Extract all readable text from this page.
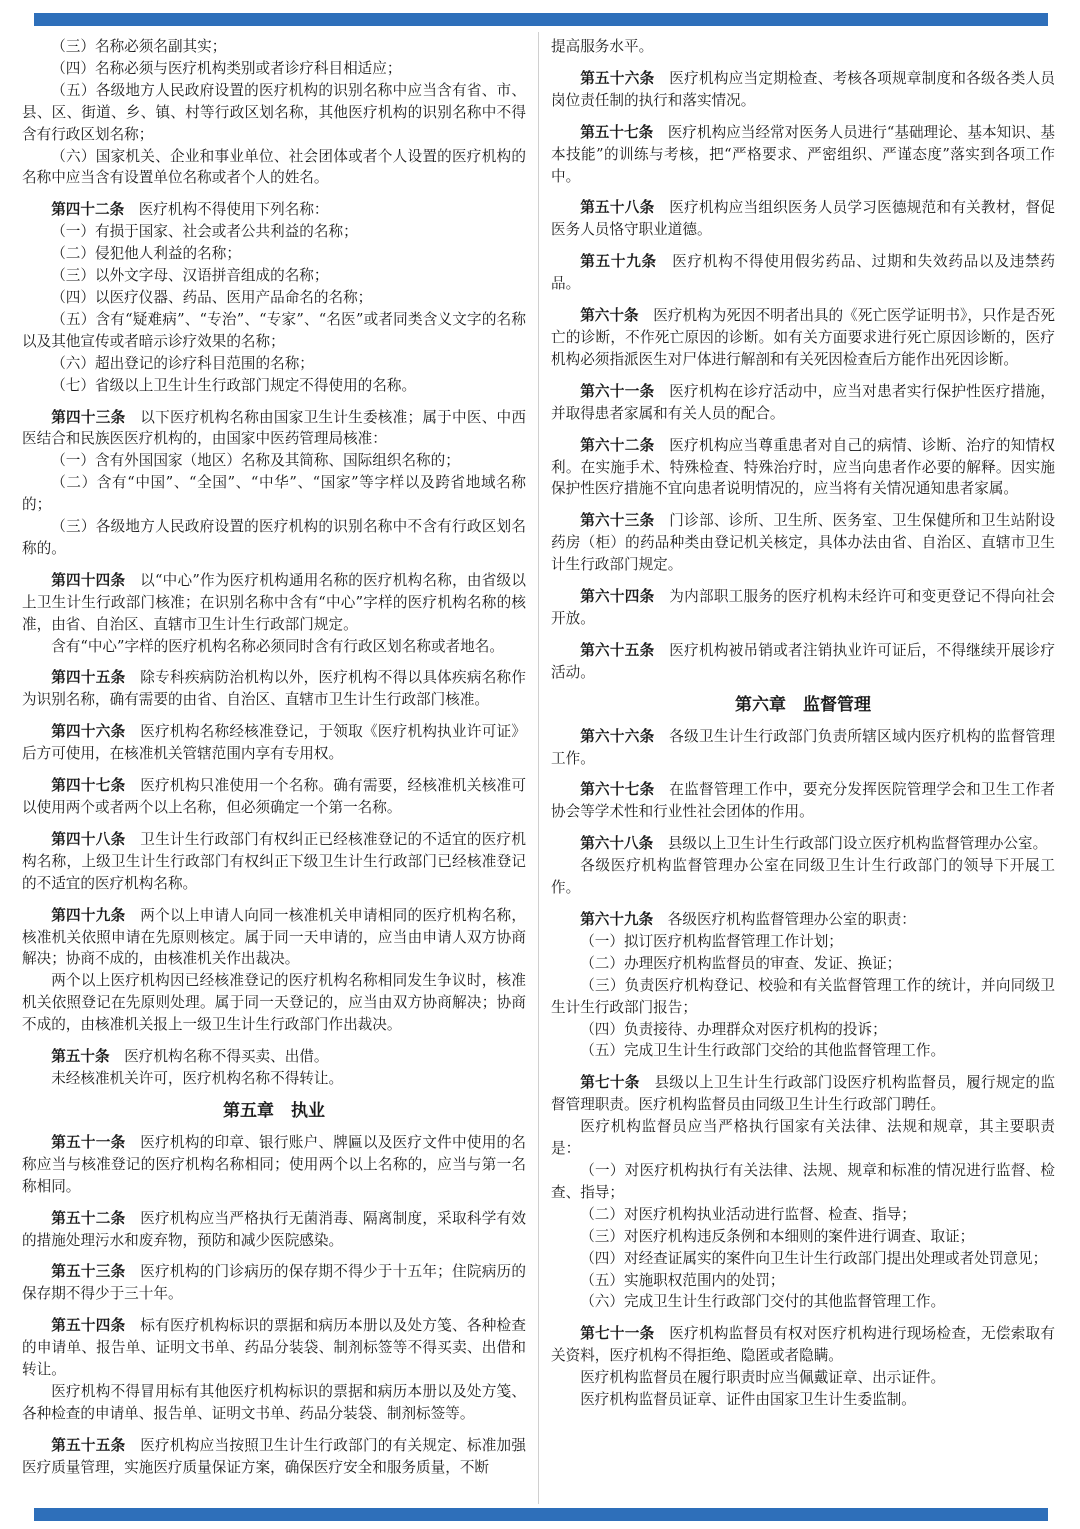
（三）名称必须名副其实；

（四）名称必须与医疗机构类别或者诊疗科目相适应；

（五）各级地方人民政府设置的医疗机构的识别名称中应当含有省、市、县、区、街道、乡、镇、村等行政区划名称，其他医疗机构的识别名称中不得含有行政区划名称；

（六）国家机关、企业和事业单位、社会团体或者个人设置的医疗机构的名称中应当含有设置单位名称或者个人的姓名。

第四十二条 医疗机构不得使用下列名称：

（一）有损于国家、社会或者公共利益的名称；

（二）侵犯他人利益的名称；

（三）以外文字母、汉语拼音组成的名称；

（四）以医疗仪器、药品、医用产品命名的名称；

（五）含有“疑难病”、“专治”、“专家”、“名医”或者同类含义文字的名称以及其他宣传或者暗示诊疗效果的名称；

（六）超出登记的诊疗科目范围的名称；

（七）省级以上卫生计生行政部门规定不得使用的名称。

第四十三条 以下医疗机构名称由国家卫生计生委核准；属于中医、中西医结合和民族医医疗机构的，由国家中医药管理局核准：

（一）含有外国国家（地区）名称及其简称、国际组织名称的；

（二）含有“中国”、“全国”、“中华”、“国家”等字样以及跨省地域名称的；

（三）各级地方人民政府设置的医疗机构的识别名称中不含有行政区划名称的。

第四十四条 以“中心”作为医疗机构通用名称的医疗机构名称，由省级以上卫生计生行政部门核准；在识别名称中含有“中心”字样的医疗机构名称的核准，由省、自治区、直辖市卫生计生行政部门规定。

含有“中心”字样的医疗机构名称必须同时含有行政区划名称或者地名。

第四十五条 除专科疾病防治机构以外，医疗机构不得以具体疾病名称作为识别名称，确有需要的由省、自治区、直辖市卫生计生行政部门核准。

第四十六条 医疗机构名称经核准登记，于领取《医疗机构执业许可证》后方可使用，在核准机关管辖范围内享有专用权。

第四十七条 医疗机构只准使用一个名称。确有需要，经核准机关核准可以使用两个或者两个以上名称，但必须确定一个第一名称。

第四十八条 卫生计生行政部门有权纠正已经核准登记的不适宜的医疗机构名称，上级卫生计生行政部门有权纠正下级卫生计生行政部门已经核准登记的不适宜的医疗机构名称。

第四十九条 两个以上申请人向同一核准机关申请相同的医疗机构名称，核准机关依照申请在先原则核定。属于同一天申请的，应当由申请人双方协商解决；协商不成的，由核准机关作出裁决。

两个以上医疗机构因已经核准登记的医疗机构名称相同发生争议时，核准机关依照登记在先原则处理。属于同一天登记的，应当由双方协商解决；协商不成的，由核准机关报上一级卫生计生行政部门作出裁决。

第五十条 医疗机构名称不得买卖、出借。

未经核准机关许可，医疗机构名称不得转让。

第五章　执业

第五十一条 医疗机构的印章、银行账户、牌匾以及医疗文件中使用的名称应当与核准登记的医疗机构名称相同；使用两个以上名称的，应当与第一名称相同。

第五十二条 医疗机构应当严格执行无菌消毒、隔离制度，采取科学有效的措施处理污水和废弃物，预防和减少医院感染。

第五十三条 医疗机构的门诊病历的保存期不得少于十五年；住院病历的保存期不得少于三十年。

第五十四条 标有医疗机构标识的票据和病历本册以及处方笺、各种检查的申请单、报告单、证明文书单、药品分装袋、制剂标签等不得买卖、出借和转让。

医疗机构不得冒用标有其他医疗机构标识的票据和病历本册以及处方笺、各种检查的申请单、报告单、证明文书单、药品分装袋、制剂标签等。

第五十五条 医疗机构应当按照卫生计生行政部门的有关规定、标准加强医疗质量管理，实施医疗质量保证方案，确保医疗安全和服务质量，不断

提高服务水平。

第五十六条 医疗机构应当定期检查、考核各项规章制度和各级各类人员岗位责任制的执行和落实情况。

第五十七条 医疗机构应当经常对医务人员进行“基础理论、基本知识、基本技能”的训练与考核，把“严格要求、严密组织、严谨态度”落实到各项工作中。

第五十八条 医疗机构应当组织医务人员学习医德规范和有关教材，督促医务人员恪守职业道德。

第五十九条 医疗机构不得使用假劣药品、过期和失效药品以及违禁药品。

第六十条 医疗机构为死因不明者出具的《死亡医学证明书》，只作是否死亡的诊断，不作死亡原因的诊断。如有关方面要求进行死亡原因诊断的，医疗机构必须指派医生对尸体进行解剖和有关死因检查后方能作出死因诊断。

第六十一条 医疗机构在诊疗活动中，应当对患者实行保护性医疗措施，并取得患者家属和有关人员的配合。

第六十二条 医疗机构应当尊重患者对自己的病情、诊断、治疗的知情权利。在实施手术、特殊检查、特殊治疗时，应当向患者作必要的解释。因实施保护性医疗措施不宜向患者说明情况的，应当将有关情况通知患者家属。

第六十三条 门诊部、诊所、卫生所、医务室、卫生保健所和卫生站附设药房（柜）的药品种类由登记机关核定，具体办法由省、自治区、直辖市卫生计生行政部门规定。

第六十四条 为内部职工服务的医疗机构未经许可和变更登记不得向社会开放。

第六十五条 医疗机构被吊销或者注销执业许可证后，不得继续开展诊疗活动。

第六章　监督管理

第六十六条 各级卫生计生行政部门负责所辖区域内医疗机构的监督管理工作。

第六十七条 在监督管理工作中，要充分发挥医院管理学会和卫生工作者协会等学术性和行业性社会团体的作用。

第六十八条 县级以上卫生计生行政部门设立医疗机构监督管理办公室。

各级医疗机构监督管理办公室在同级卫生计生行政部门的领导下开展工作。

第六十九条 各级医疗机构监督管理办公室的职责：

（一）拟订医疗机构监督管理工作计划；

（二）办理医疗机构监督员的审查、发证、换证；

（三）负责医疗机构登记、校验和有关监督管理工作的统计，并向同级卫生计生行政部门报告；

（四）负责接待、办理群众对医疗机构的投诉；

（五）完成卫生计生行政部门交给的其他监督管理工作。

第七十条 县级以上卫生计生行政部门设医疗机构监督员，履行规定的监督管理职责。医疗机构监督员由同级卫生计生行政部门聘任。

医疗机构监督员应当严格执行国家有关法律、法规和规章，其主要职责是：

（一）对医疗机构执行有关法律、法规、规章和标准的情况进行监督、检查、指导；

（二）对医疗机构执业活动进行监督、检查、指导；

（三）对医疗机构违反条例和本细则的案件进行调查、取证；

（四）对经查证属实的案件向卫生计生行政部门提出处理或者处罚意见；

（五）实施职权范围内的处罚；

（六）完成卫生计生行政部门交付的其他监督管理工作。

第七十一条 医疗机构监督员有权对医疗机构进行现场检查，无偿索取有关资料，医疗机构不得拒绝、隐匿或者隐瞒。

医疗机构监督员在履行职责时应当佩戴证章、出示证件。

医疗机构监督员证章、证件由国家卫生计生委监制。
